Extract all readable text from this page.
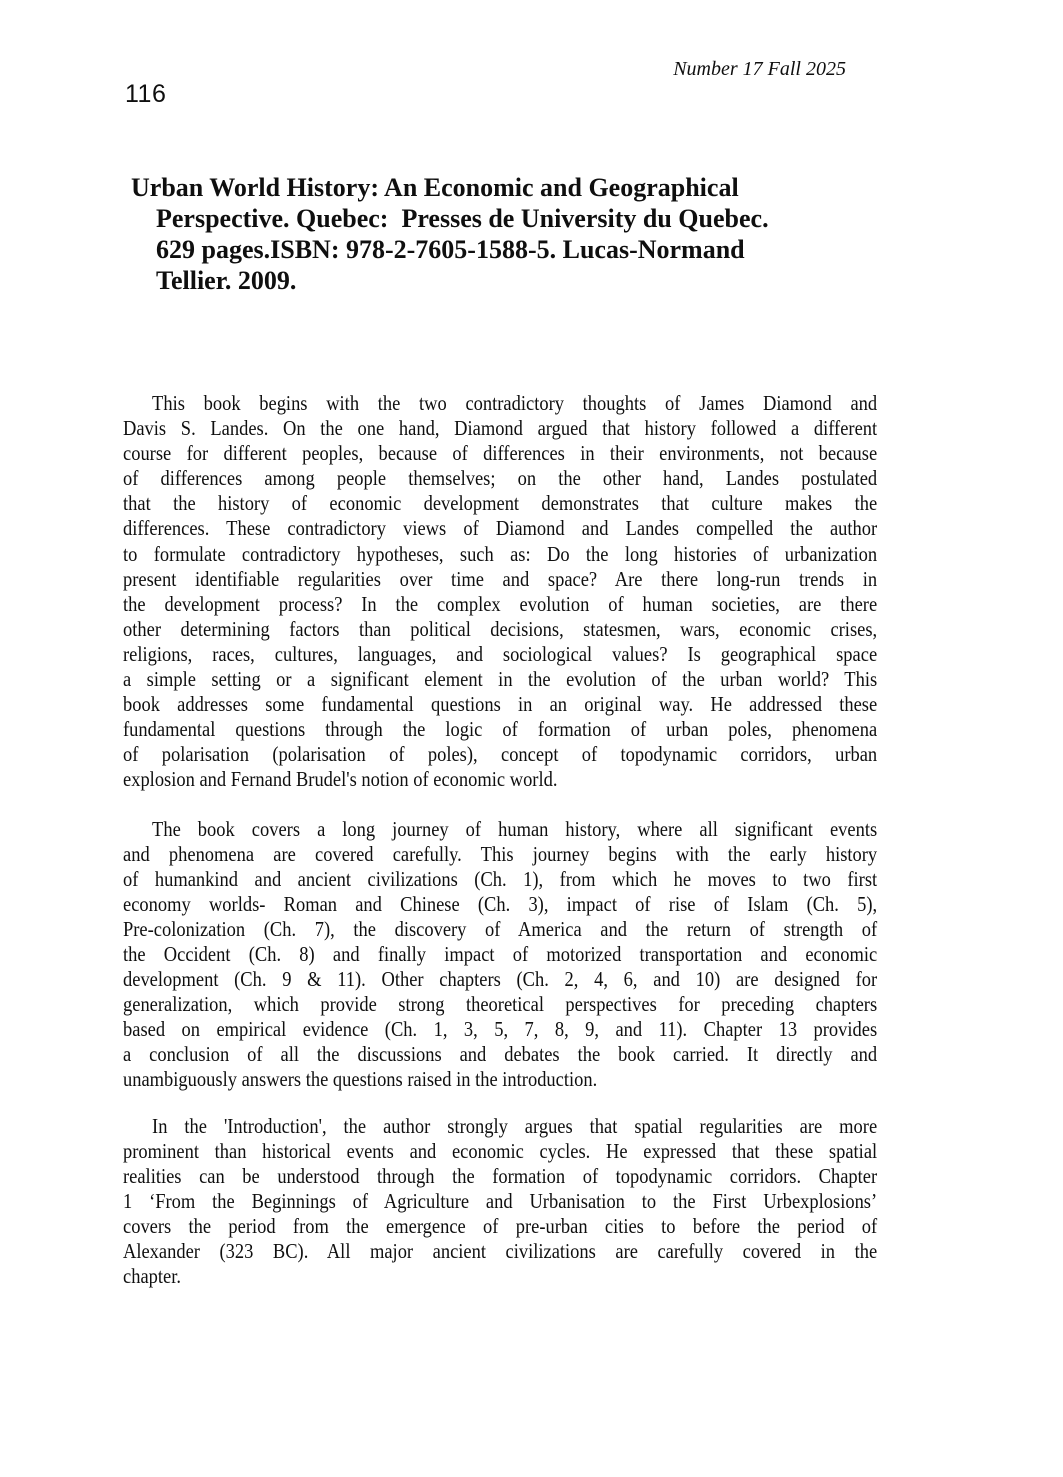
Number 17 Fall 2025
116
Urban World History: An Economic and Geographical
Perspective. Quebec:  Presses de University du Quebec.
629 pages.ISBN: 978-2-7605-1588-5. Lucas-Normand
Tellier. 2009.
This book begins with the two contradictory thoughts of James Diamond and
Davis S. Landes. On the one hand, Diamond argued that history followed a different
course for different peoples, because of differences in their environments, not because
of differences among people themselves; on the other hand, Landes postulated
that the history of economic development demonstrates that culture makes the
differences. These contradictory views of Diamond and Landes compelled the author
to formulate contradictory hypotheses, such as: Do the long histories of urbanization
present identifiable regularities over time and space? Are there long-run trends in
the development process? In the complex evolution of human societies, are there
other determining factors than political decisions, statesmen, wars, economic crises,
religions, races, cultures, languages, and sociological values? Is geographical space
a simple setting or a significant element in the evolution of the urban world? This
book addresses some fundamental questions in an original way. He addressed these
fundamental questions through the logic of formation of urban poles, phenomena
of polarisation (polarisation of poles), concept of topodynamic corridors, urban
explosion and Fernand Brudel's notion of economic world.
The book covers a long journey of human history, where all significant events
and phenomena are covered carefully. This journey begins with the early history
of humankind and ancient civilizations (Ch. 1), from which he moves to two first
economy worlds- Roman and Chinese (Ch. 3), impact of rise of Islam (Ch. 5),
Pre-colonization (Ch. 7), the discovery of America and the return of strength of
the Occident (Ch. 8) and finally impact of motorized transportation and economic
development (Ch. 9 & 11). Other chapters (Ch. 2, 4, 6, and 10) are designed for
generalization, which provide strong theoretical perspectives for preceding chapters
based on empirical evidence (Ch. 1, 3, 5, 7, 8, 9, and 11). Chapter 13 provides
a conclusion of all the discussions and debates the book carried. It directly and
unambiguously answers the questions raised in the introduction.
In the 'Introduction', the author strongly argues that spatial regularities are more
prominent than historical events and economic cycles. He expressed that these spatial
realities can be understood through the formation of topodynamic corridors. Chapter
1 ‘From the Beginnings of Agriculture and Urbanisation to the First Urbexplosions’
covers the period from the emergence of pre-urban cities to before the period of
Alexander (323 BC). All major ancient civilizations are carefully covered in the
chapter.
